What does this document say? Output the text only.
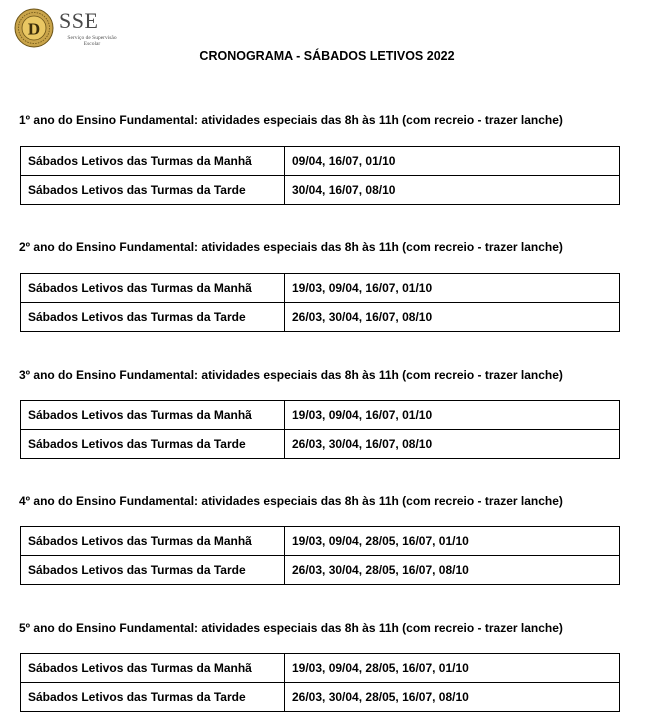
D SSE
Serviço de Supervisão
Escolar
CRONOGRAMA - SÁBADOS LETIVOS 2022
1º ano do Ensino Fundamental: atividades especiais das 8h às 11h (com recreio - trazer lanche)
Sábados Letivos das Turmas da Manhã	09/04, 16/07, 01/10
Sábados Letivos das Turmas da Tarde	30/04, 16/07, 08/10
2º ano do Ensino Fundamental: atividades especiais das 8h às 11h (com recreio - trazer lanche)
Sábados Letivos das Turmas da Manhã	19/03, 09/04, 16/07, 01/10
Sábados Letivos das Turmas da Tarde	26/03, 30/04, 16/07, 08/10
3º ano do Ensino Fundamental: atividades especiais das 8h às 11h (com recreio - trazer lanche)
Sábados Letivos das Turmas da Manhã	19/03, 09/04, 16/07, 01/10
Sábados Letivos das Turmas da Tarde	26/03, 30/04, 16/07, 08/10
4º ano do Ensino Fundamental: atividades especiais das 8h às 11h (com recreio - trazer lanche)
Sábados Letivos das Turmas da Manhã	19/03, 09/04, 28/05, 16/07, 01/10
Sábados Letivos das Turmas da Tarde	26/03, 30/04, 28/05, 16/07, 08/10
5º ano do Ensino Fundamental: atividades especiais das 8h às 11h (com recreio - trazer lanche)
Sábados Letivos das Turmas da Manhã	19/03, 09/04, 28/05, 16/07, 01/10
Sábados Letivos das Turmas da Tarde	26/03, 30/04, 28/05, 16/07, 08/10
